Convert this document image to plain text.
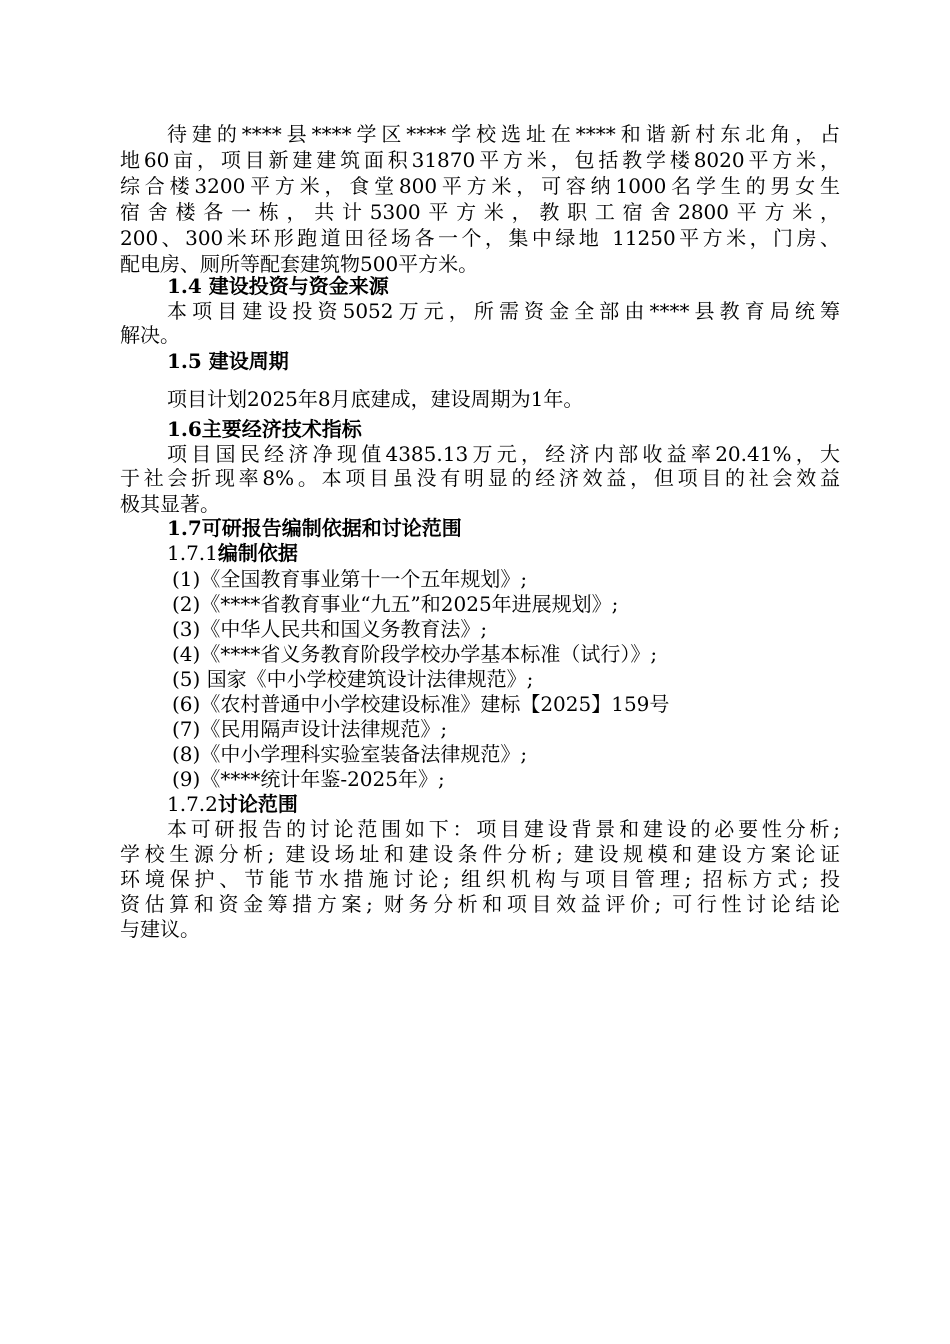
待建的****县****学区****学校选址在****和谐新村东北角，占
地60亩，项目新建建筑面积31870平方米，包括教学楼8020平方米，
综合楼3200平方米，食堂800平方米，可容纳1000名学生的男女生
宿舍楼各一栋，共计5300平方米，教职工宿舍2800平方米，
200、300米环形跑道田径场各一个，集中绿地 11250平方米，门房、
配电房、厕所等配套建筑物500平方米。
1.4 建设投资与资金来源
本项目建设投资5052万元，所需资金全部由****县教育局统筹
解决。
1.5 建设周期
项目计划2025年8月底建成，建设周期为1年。
1.6主要经济技术指标
项目国民经济净现值4385.13万元，经济内部收益率20.41%，大
于社会折现率8%。本项目虽没有明显的经济效益，但项目的社会效益
极其显著。
1.7可研报告编制依据和讨论范围
1.7.1编制依据
(1)《全国教育事业第十一个五年规划》;
(2)《****省教育事业“九五”和2025年进展规划》;
(3)《中华人民共和国义务教育法》;
(4)《****省义务教育阶段学校办学基本标准（试行）》;
(5) 国家《中小学校建筑设计法律规范》;
(6)《农村普通中小学校建设标准》建标【2025】159号
(7)《民用隔声设计法律规范》;
(8)《中小学理科实验室装备法律规范》;
(9)《****统计年鉴-2025年》;
1.7.2讨论范围
本可研报告的讨论范围如下：项目建设背景和建设的必要性分析;
学校生源分析; 建设场址和建设条件分析; 建设规模和建设方案论证
环境保护、节能节水措施讨论; 组织机构与项目管理; 招标方式; 投
资估算和资金筹措方案; 财务分析和项目效益评价; 可行性讨论结论
与建议。
